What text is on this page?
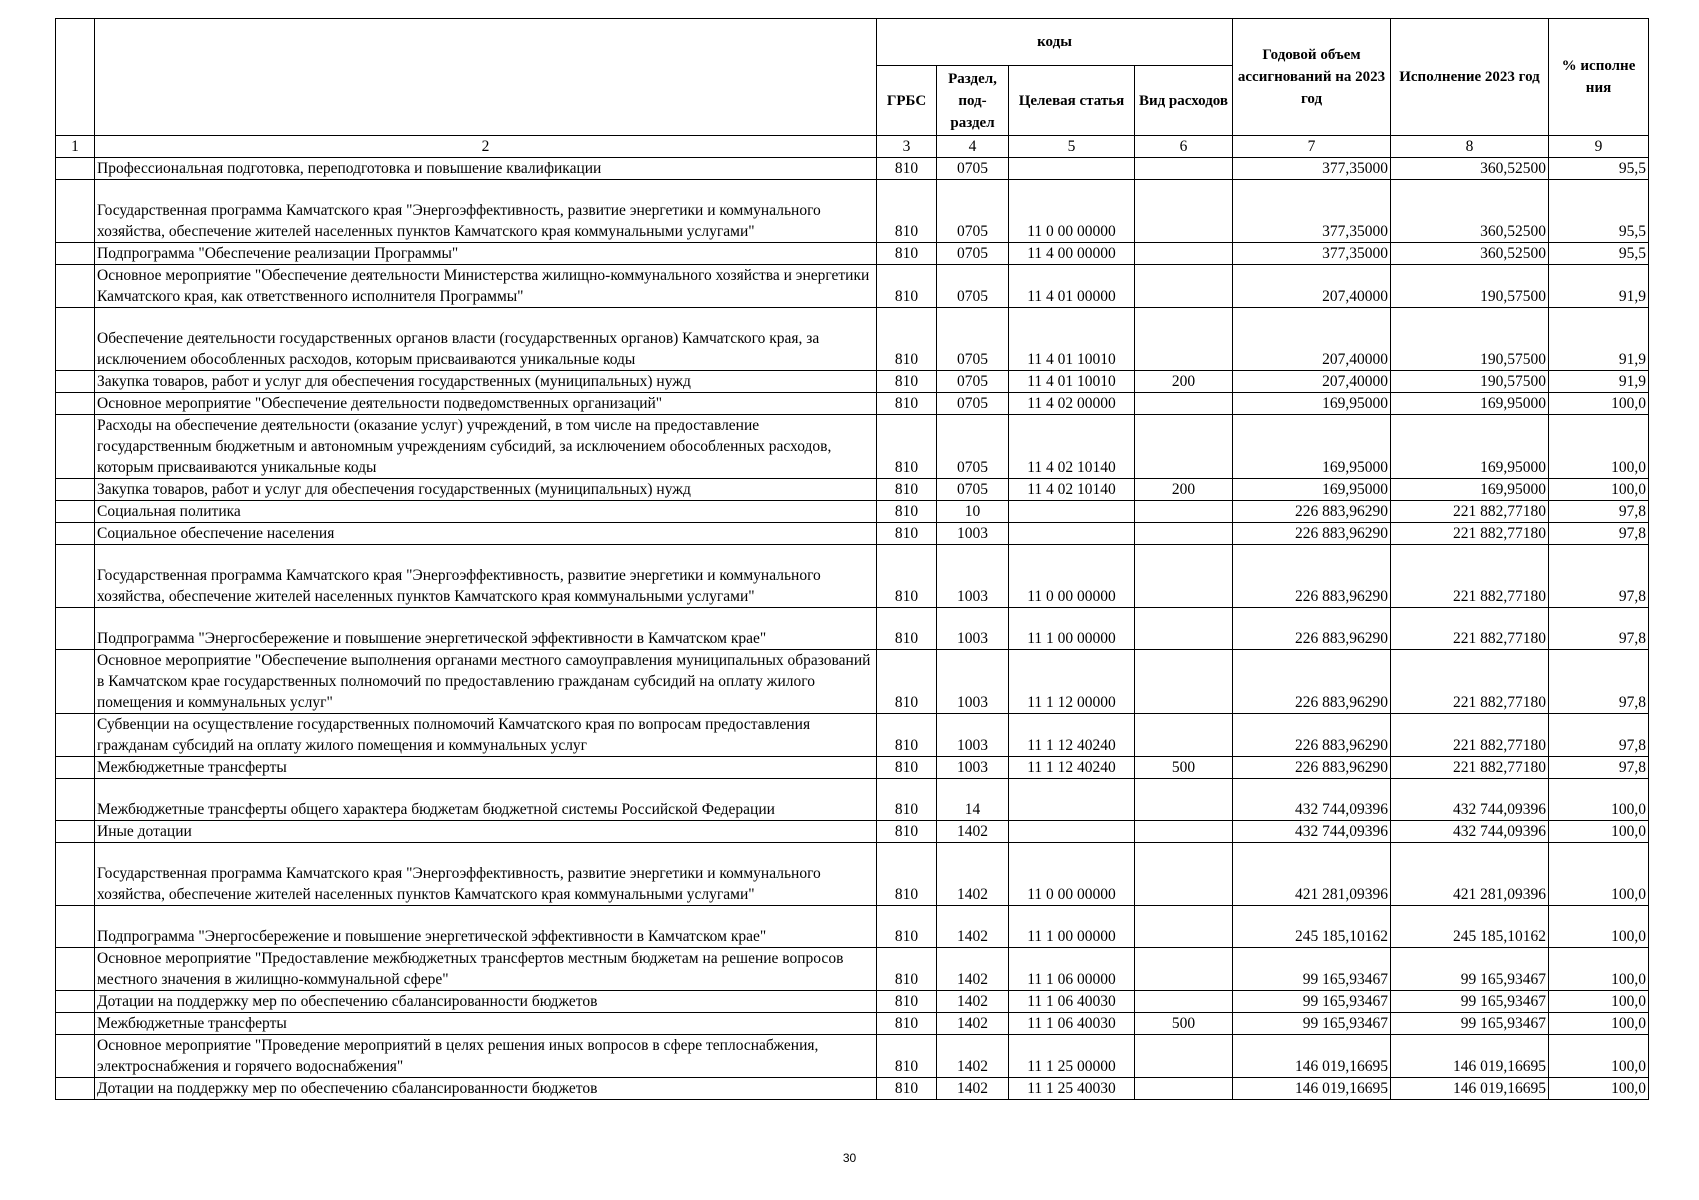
		коды				Годовой объем ассигнований на 2023 год	Исполнение 2023 год	% исполне ния
		ГРБС	Раздел, под-раздел	Целевая статья	Вид расходов			
1	2	3	4	5	6	7	8	9
	Профессиональная подготовка, переподготовка и повышение квалификации	810	0705			377,35000	360,52500	95,5
	Государственная программа Камчатского края "Энергоэффективность, развитие энергетики и коммунального хозяйства, обеспечение жителей населенных пунктов Камчатского края коммунальными услугами"	810	0705	11 0 00 00000		377,35000	360,52500	95,5
	Подпрограмма "Обеспечение реализации Программы"	810	0705	11 4 00 00000		377,35000	360,52500	95,5
	Основное мероприятие "Обеспечение деятельности Министерства жилищно-коммунального хозяйства и энергетики Камчатского края, как ответственного исполнителя Программы"	810	0705	11 4 01 00000		207,40000	190,57500	91,9
	Обеспечение деятельности государственных органов власти (государственных органов) Камчатского края, за исключением обособленных расходов, которым присваиваются уникальные коды	810	0705	11 4 01 10010		207,40000	190,57500	91,9
	Закупка товаров, работ и услуг для обеспечения государственных (муниципальных) нужд	810	0705	11 4 01 10010	200	207,40000	190,57500	91,9
	Основное мероприятие "Обеспечение деятельности подведомственных организаций"	810	0705	11 4 02 00000		169,95000	169,95000	100,0
	Расходы на обеспечение деятельности (оказание услуг) учреждений, в том числе на предоставление государственным бюджетным и автономным учреждениям субсидий, за исключением обособленных расходов, которым присваиваются уникальные коды	810	0705	11 4 02 10140		169,95000	169,95000	100,0
	Закупка товаров, работ и услуг для обеспечения государственных (муниципальных) нужд	810	0705	11 4 02 10140	200	169,95000	169,95000	100,0
	Социальная политика	810	10			226 883,96290	221 882,77180	97,8
	Социальное обеспечение населения	810	1003			226 883,96290	221 882,77180	97,8
	Государственная программа Камчатского края "Энергоэффективность, развитие энергетики и коммунального хозяйства, обеспечение жителей населенных пунктов Камчатского края коммунальными услугами"	810	1003	11 0 00 00000		226 883,96290	221 882,77180	97,8
	Подпрограмма "Энергосбережение и повышение энергетической эффективности в Камчатском крае"	810	1003	11 1 00 00000		226 883,96290	221 882,77180	97,8
	Основное мероприятие "Обеспечение выполнения органами местного самоуправления муниципальных образований в Камчатском крае государственных полномочий по предоставлению гражданам субсидий на оплату жилого помещения и коммунальных услуг"	810	1003	11 1 12 00000		226 883,96290	221 882,77180	97,8
	Субвенции на осуществление государственных полномочий Камчатского края по вопросам предоставления гражданам субсидий на оплату жилого помещения и коммунальных услуг	810	1003	11 1 12 40240		226 883,96290	221 882,77180	97,8
	Межбюджетные трансферты	810	1003	11 1 12 40240	500	226 883,96290	221 882,77180	97,8
	Межбюджетные трансферты общего характера бюджетам бюджетной системы Российской Федерации	810	14			432 744,09396	432 744,09396	100,0
	Иные дотации	810	1402			432 744,09396	432 744,09396	100,0
	Государственная программа Камчатского края "Энергоэффективность, развитие энергетики и коммунального хозяйства, обеспечение жителей населенных пунктов Камчатского края коммунальными услугами"	810	1402	11 0 00 00000		421 281,09396	421 281,09396	100,0
	Подпрограмма "Энергосбережение и повышение энергетической эффективности в Камчатском крае"	810	1402	11 1 00 00000		245 185,10162	245 185,10162	100,0
	Основное мероприятие "Предоставление межбюджетных трансфертов местным бюджетам на решение вопросов местного значения в жилищно-коммунальной сфере"	810	1402	11 1 06 00000		99 165,93467	99 165,93467	100,0
	Дотации на поддержку мер по обеспечению сбалансированности бюджетов	810	1402	11 1 06 40030		99 165,93467	99 165,93467	100,0
	Межбюджетные трансферты	810	1402	11 1 06 40030	500	99 165,93467	99 165,93467	100,0
	Основное мероприятие "Проведение мероприятий в целях решения иных вопросов в сфере теплоснабжения, электроснабжения и горячего водоснабжения"	810	1402	11 1 25 00000		146 019,16695	146 019,16695	100,0
	Дотации на поддержку мер по обеспечению сбалансированности бюджетов	810	1402	11 1 25 40030		146 019,16695	146 019,16695	100,0
30
